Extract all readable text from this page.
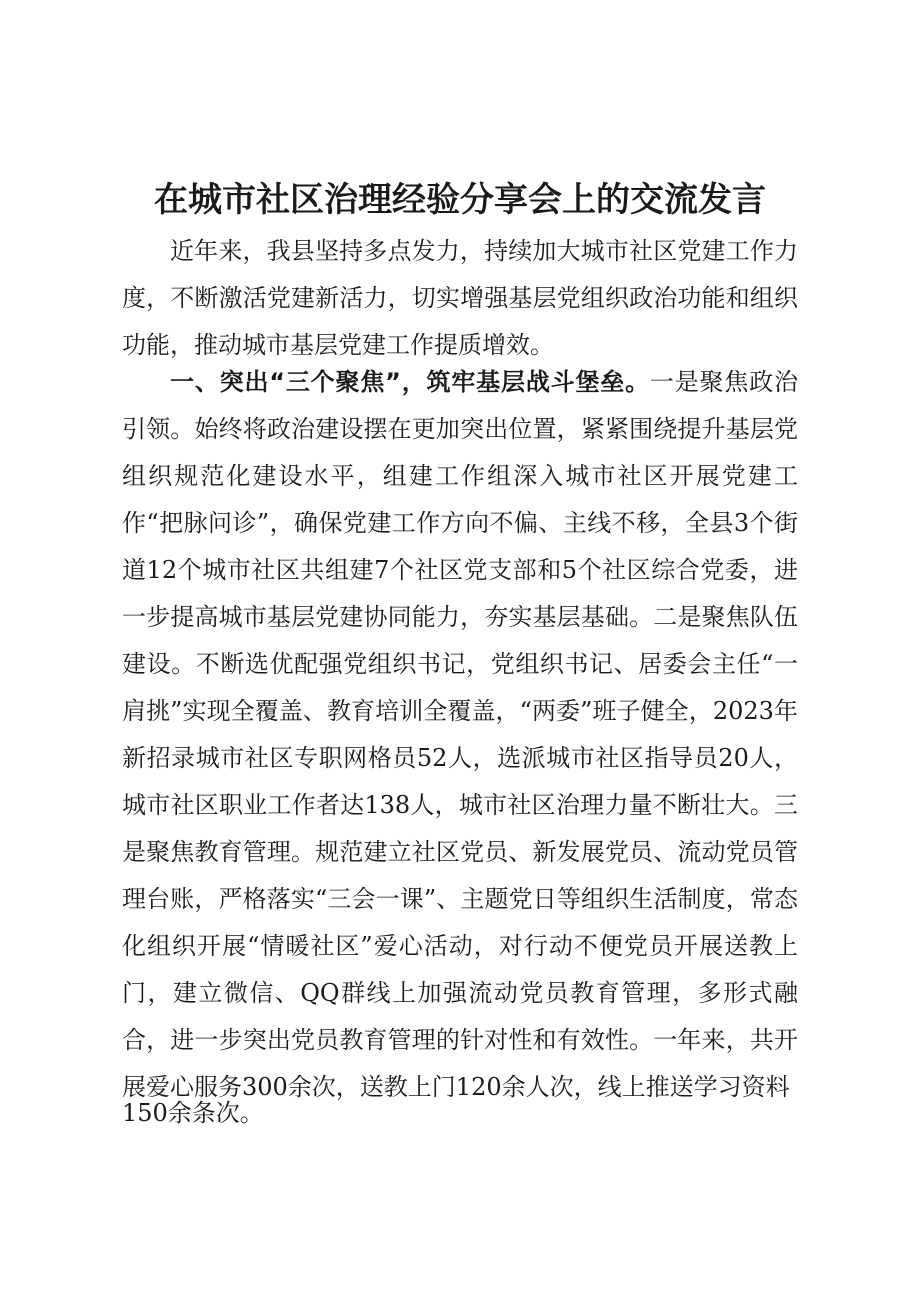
在城市社区治理经验分享会上的交流发言

近年来，我县坚持多点发力，持续加大城市社区党建工作力度，不断激活党建新活力，切实增强基层党组织政治功能和组织功能，推动城市基层党建工作提质增效。

一、突出“三个聚焦”，筑牢基层战斗堡垒。一是聚焦政治引领。始终将政治建设摆在更加突出位置，紧紧围绕提升基层党组织规范化建设水平，组建工作组深入城市社区开展党建工作“把脉问诊”，确保党建工作方向不偏、主线不移，全县3个街道12个城市社区共组建7个社区党支部和5个社区综合党委，进一步提高城市基层党建协同能力，夯实基层基础。二是聚焦队伍建设。不断选优配强党组织书记，党组织书记、居委会主任“一肩挑”实现全覆盖、教育培训全覆盖，“两委”班子健全，2023年新招录城市社区专职网格员52人，选派城市社区指导员20人，城市社区职业工作者达138人，城市社区治理力量不断壮大。三是聚焦教育管理。规范建立社区党员、新发展党员、流动党员管理台账，严格落实“三会一课”、主题党日等组织生活制度，常态化组织开展“情暖社区”爱心活动，对行动不便党员开展送教上门，建立微信、QQ群线上加强流动党员教育管理，多形式融合，进一步突出党员教育管理的针对性和有效性。一年来，共开展爱心服务300余次，送教上门120余人次，线上推送学习资料

150余条次。
